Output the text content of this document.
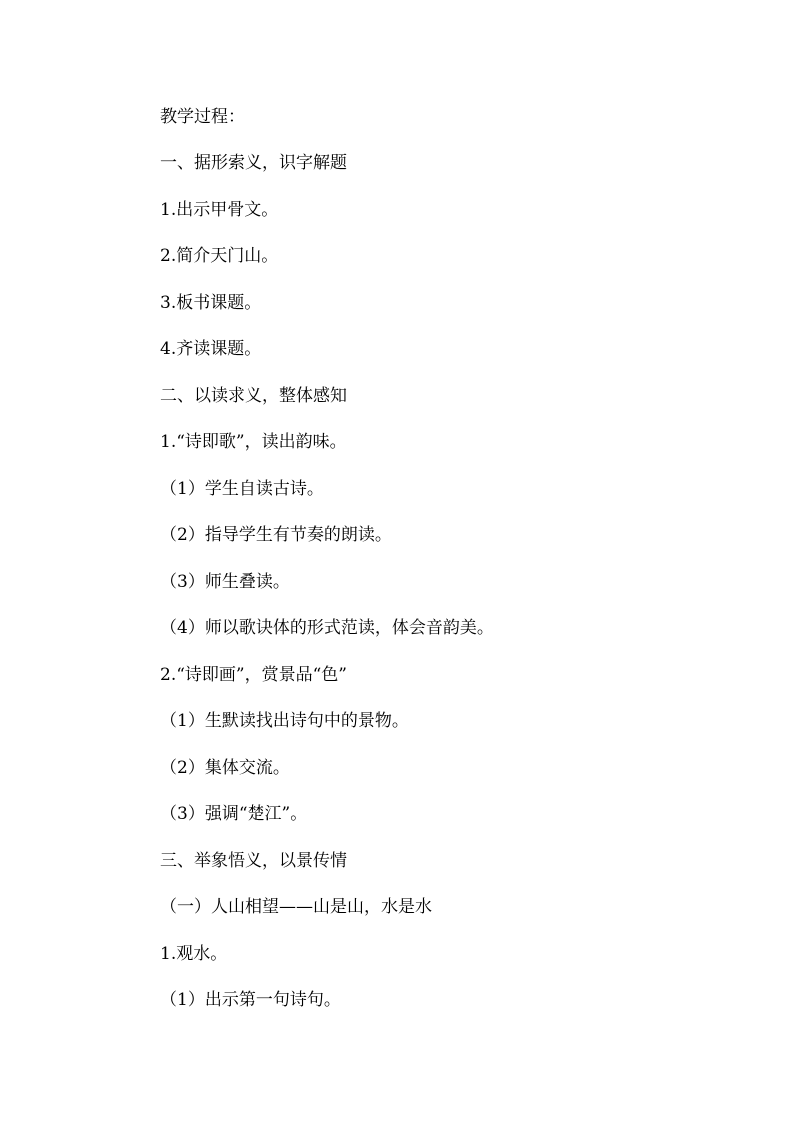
教学过程：
一、据形索义，识字解题
1.出示甲骨文。
2.简介天门山。
3.板书课题。
4.齐读课题。
二、以读求义，整体感知
1.“诗即歌”，读出韵味。
（1）学生自读古诗。
（2）指导学生有节奏的朗读。
（3）师生叠读。
（4）师以歌诀体的形式范读，体会音韵美。
2.“诗即画”，赏景品“色”
（1）生默读找出诗句中的景物。
（2）集体交流。
（3）强调“楚江”。
三、举象悟义，以景传情
（一）人山相望——山是山，水是水
1.观水。
（1）出示第一句诗句。
